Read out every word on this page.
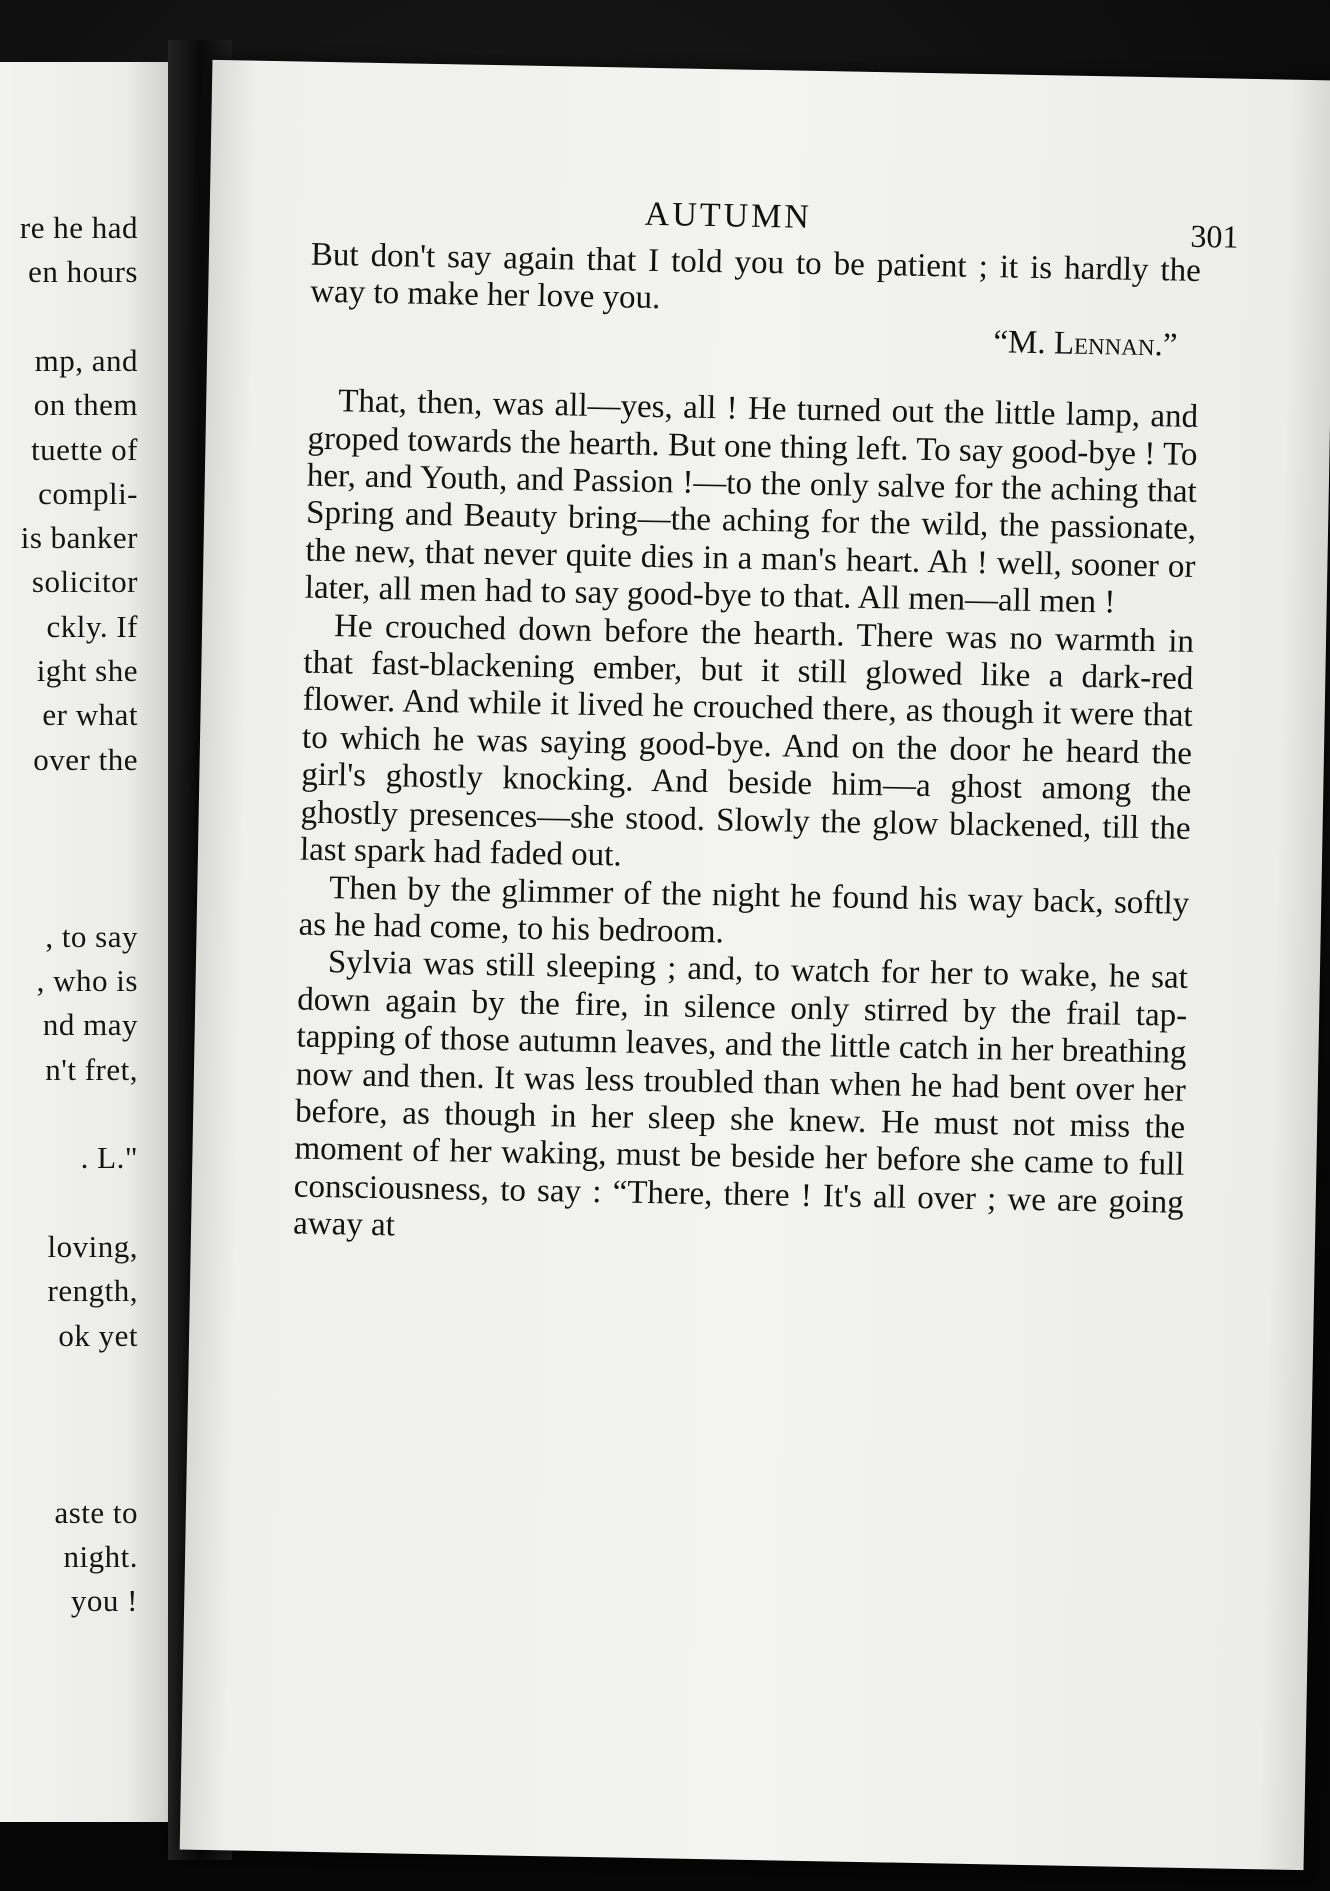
re he had
en hours
mp, and
on them
tuette of
compli-
is banker
solicitor
ckly. If
ight she
er what
over the
, to say
, who is
nd may
n't fret,
. L."
loving,
rength,
ok yet
aste to
night.
you !
AUTUMN
301

But don't say again that I told you to be patient ; it is hardly the way to make her love you.

“M. Lennan.”

That, then, was all—yes, all ! He turned out the little lamp, and groped towards the hearth. But one thing left. To say good-bye ! To her, and Youth, and Passion !—to the only salve for the aching that Spring and Beauty bring—the aching for the wild, the passionate, the new, that never quite dies in a man's heart. Ah ! well, sooner or later, all men had to say good-bye to that. All men—all men !

He crouched down before the hearth. There was no warmth in that fast-blackening ember, but it still glowed like a dark-red flower. And while it lived he crouched there, as though it were that to which he was saying good-bye. And on the door he heard the girl's ghostly knocking. And beside him—a ghost among the ghostly presences—she stood. Slowly the glow blackened, till the last spark had faded out.

Then by the glimmer of the night he found his way back, softly as he had come, to his bedroom.

Sylvia was still sleeping ; and, to watch for her to wake, he sat down again by the fire, in silence only stirred by the frail tap-tapping of those autumn leaves, and the little catch in her breathing now and then. It was less troubled than when he had bent over her before, as though in her sleep she knew. He must not miss the moment of her waking, must be beside her before she came to full consciousness, to say : “There, there ! It's all over ; we are going away at
